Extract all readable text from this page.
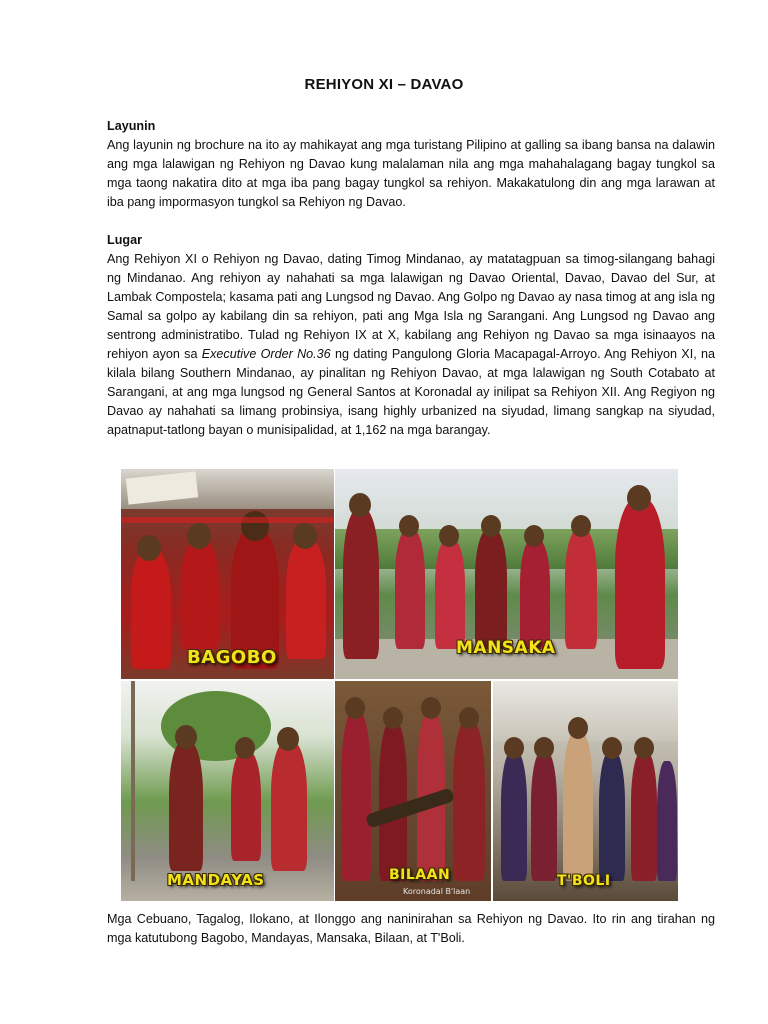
REHIYON XI – DAVAO
Layunin

Ang layunin ng brochure na ito ay mahikayat ang mga turistang Pilipino at galling sa ibang bansa na dalawin ang mga lalawigan ng Rehiyon ng Davao kung malalaman nila ang mga mahahalagang bagay tungkol sa mga taong nakatira dito at mga iba pang bagay tungkol sa rehiyon. Makakatulong din ang mga larawan at iba pang impormasyon tungkol sa Rehiyon ng Davao.

Lugar

Ang Rehiyon XI o Rehiyon ng Davao, dating Timog Mindanao, ay matatagpuan sa timog-silangang bahagi ng Mindanao. Ang rehiyon ay nahahati sa mga lalawigan ng Davao Oriental, Davao, Davao del Sur, at Lambak Compostela; kasama pati ang Lungsod ng Davao. Ang Golpo ng Davao ay nasa timog at ang isla ng Samal sa golpo ay kabilang din sa rehiyon, pati ang Mga Isla ng Sarangani. Ang Lungsod ng Davao ang sentrong administratibo. Tulad ng Rehiyon IX at X, kabilang ang Rehiyon ng Davao sa mga isinaayos na rehiyon ayon sa Executive Order No.36 ng dating Pangulong Gloria Macapagal-Arroyo. Ang Rehiyon XI, na kilala bilang Southern Mindanao, ay pinalitan ng Rehiyon Davao, at mga lalawigan ng South Cotabato at Sarangani, at ang mga lungsod ng General Santos at Koronadal ay inilipat sa Rehiyon XII. Ang Regiyon ng Davao ay nahahati sa limang probinsiya, isang highly urbanized na siyudad, limang sangkap na siyudad, apatnaput-tatlong bayan o munisipalidad, at 1,162 na mga barangay.

BAGOBO	MANSAKA
MANDAYAS	BILAAN
Koronadal B'laan
T'BOLI

Mga Cebuano, Tagalog, Ilokano, at Ilonggo ang naninirahan sa Rehiyon ng Davao. Ito rin ang tirahan ng mga katutubong Bagobo, Mandayas, Mansaka, Bilaan, at T'Boli.
